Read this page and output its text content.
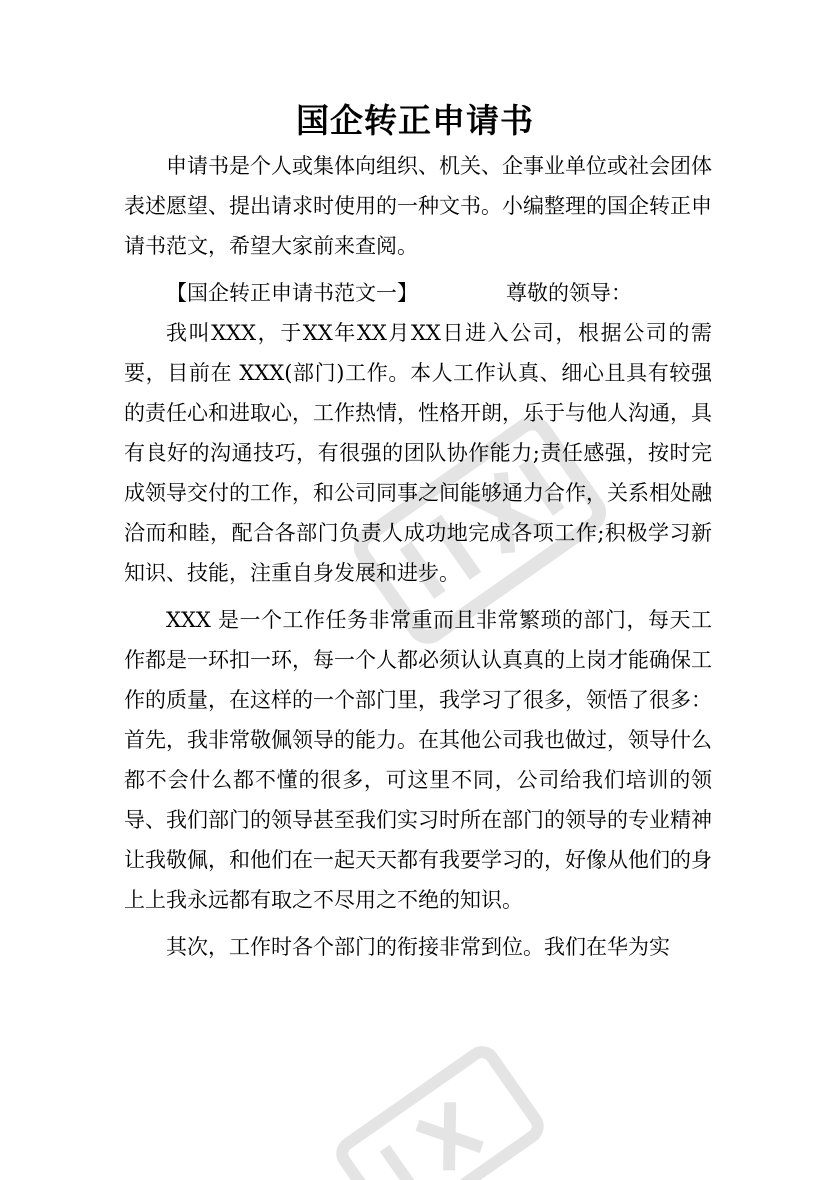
国企转正申请书

申请书是个人或集体向组织、机关、企事业单位或社会团体表述愿望、提出请求时使用的一种文书。小编整理的国企转正申请书范文，希望大家前来查阅。

【国企转正申请书范文一】	尊敬的领导：

我叫XXX，于XX年XX月XX日进入公司，根据公司的需要，目前在 XXX(部门)工作。本人工作认真、细心且具有较强的责任心和进取心，工作热情，性格开朗，乐于与他人沟通，具有良好的沟通技巧，有很强的团队协作能力;责任感强，按时完成领导交付的工作，和公司同事之间能够通力合作，关系相处融洽而和睦，配合各部门负责人成功地完成各项工作;积极学习新知识、技能，注重自身发展和进步。

XXX 是一个工作任务非常重而且非常繁琐的部门，每天工作都是一环扣一环，每一个人都必须认认真真的上岗才能确保工作的质量，在这样的一个部门里，我学习了很多，领悟了很多：首先，我非常敬佩领导的能力。在其他公司我也做过，领导什么都不会什么都不懂的很多，可这里不同，公司给我们培训的领导、我们部门的领导甚至我们实习时所在部门的领导的专业精神让我敬佩，和他们在一起天天都有我要学习的，好像从他们的身上上我永远都有取之不尽用之不绝的知识。

其次，工作时各个部门的衔接非常到位。我们在华为实
